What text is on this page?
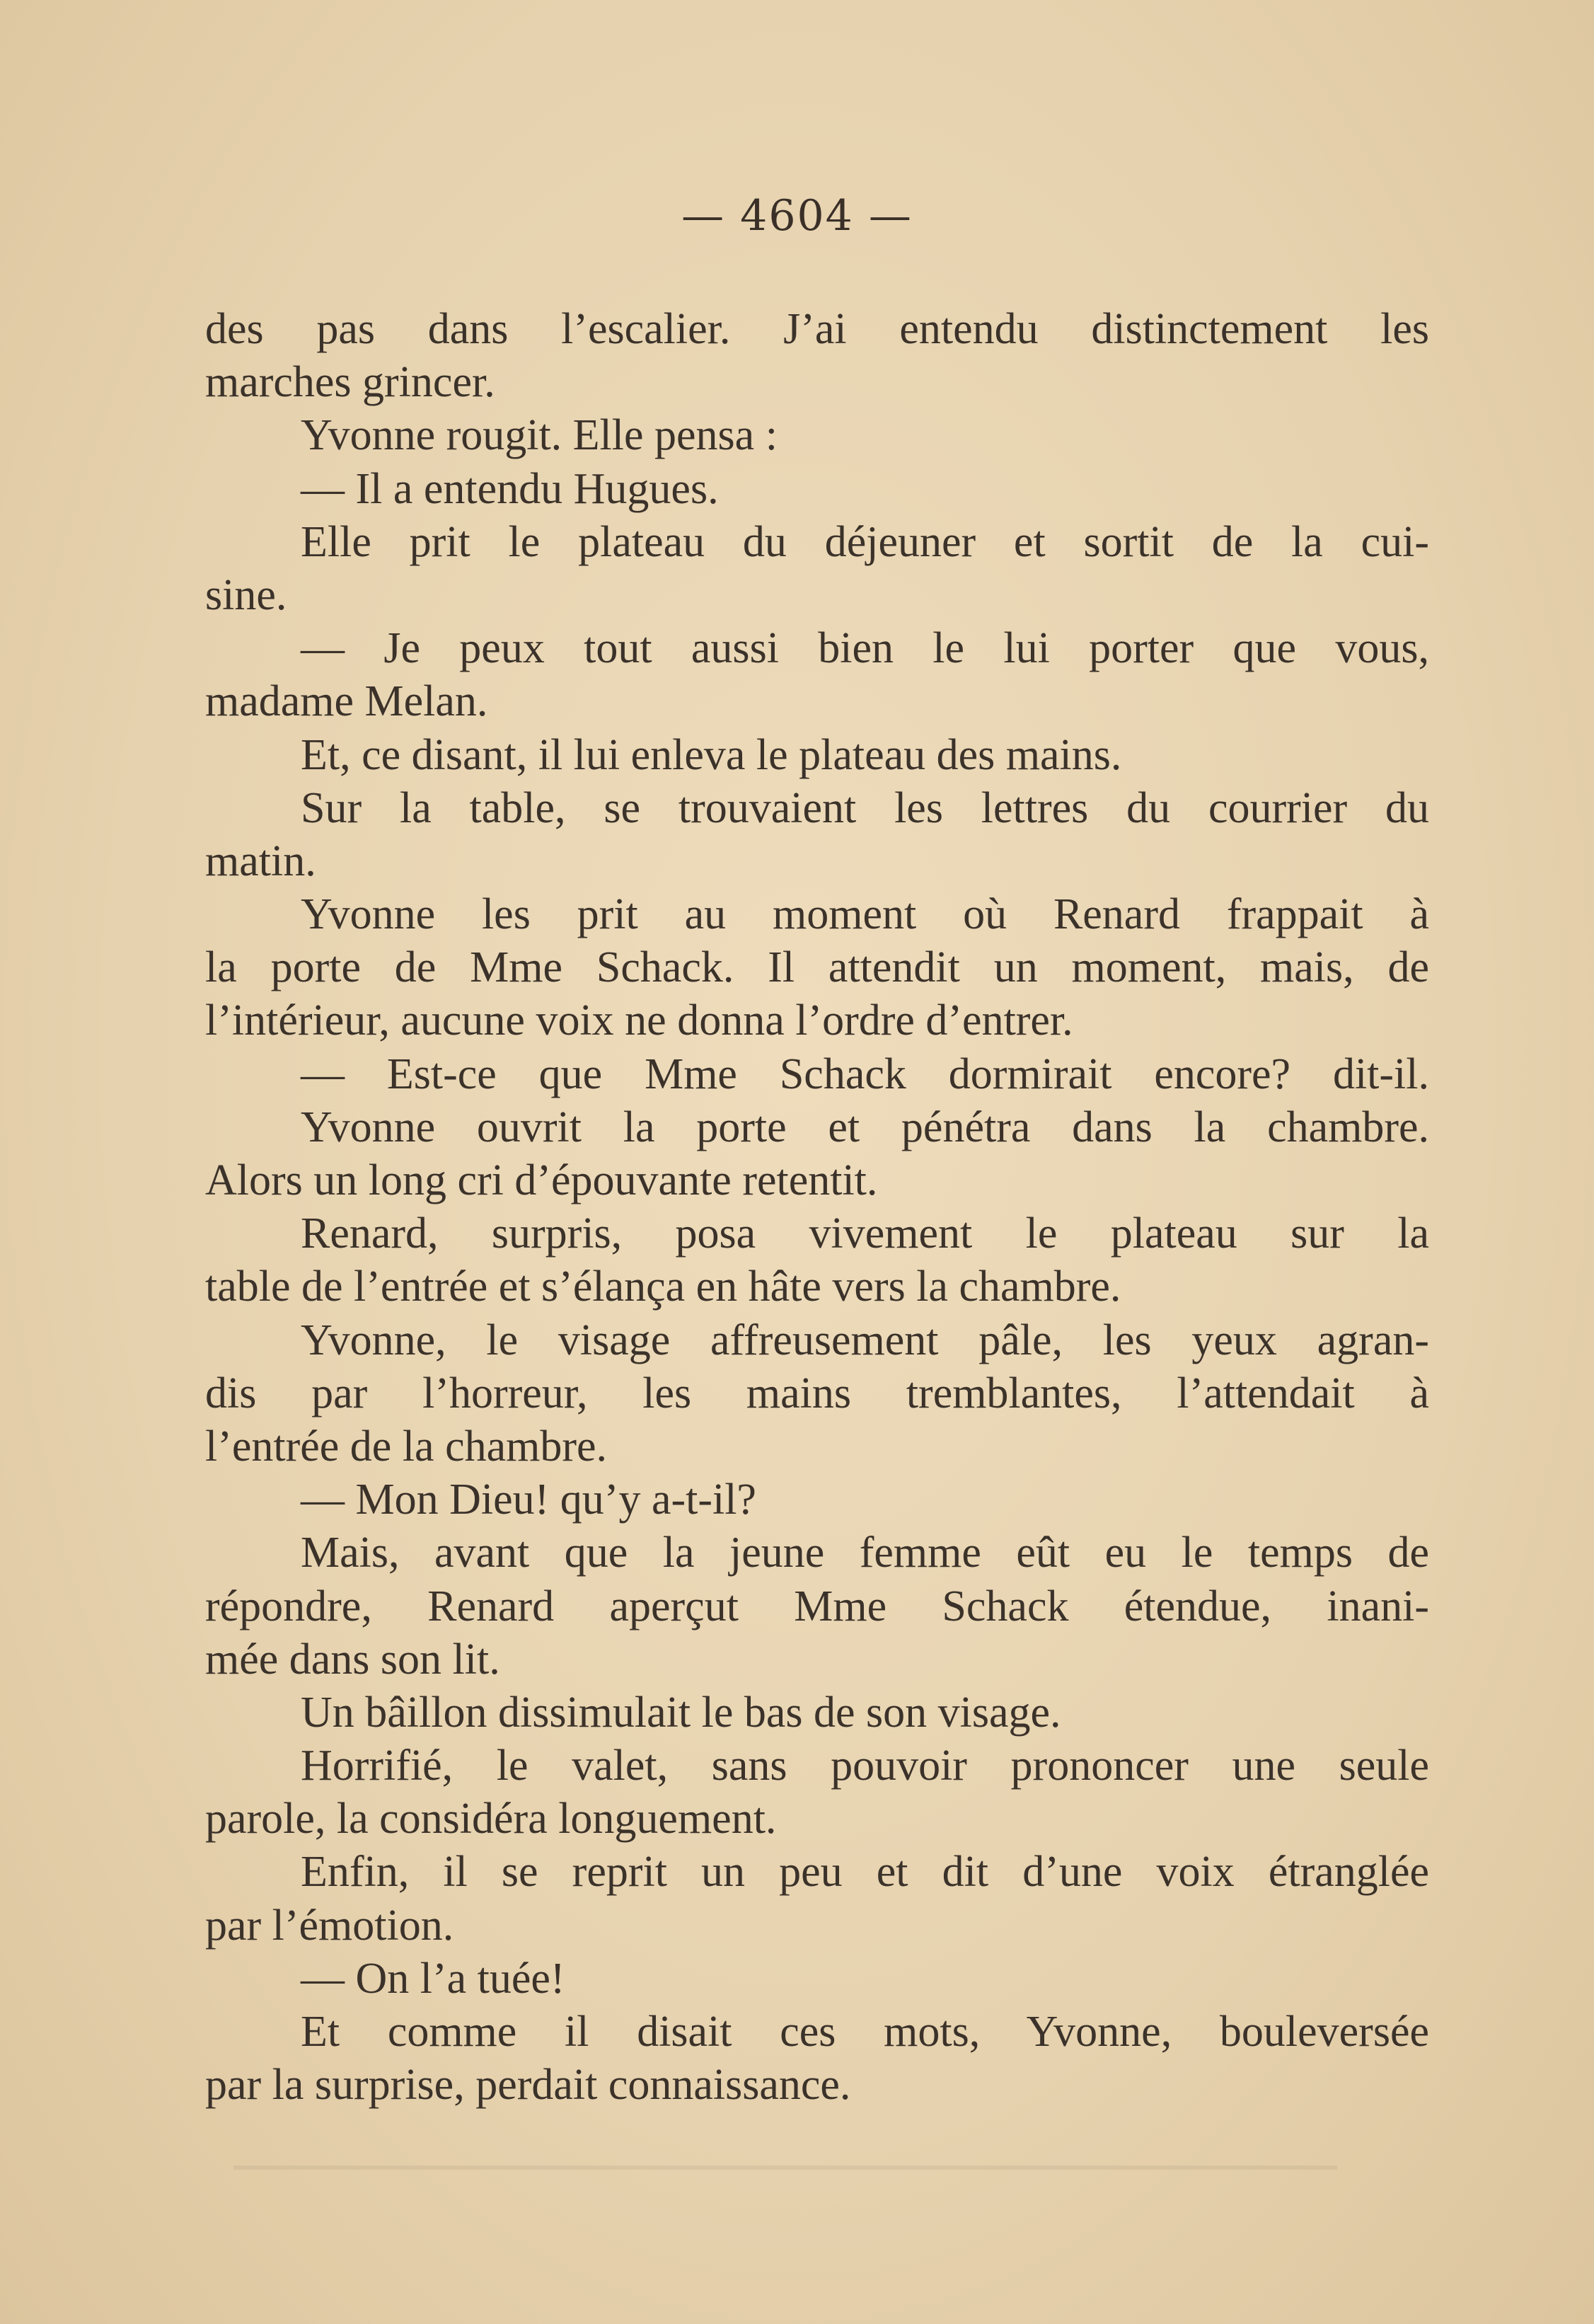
— 4604 —
des pas dans l’escalier. J’ai entendu distinctement les
marches grincer.
Yvonne rougit. Elle pensa :
— Il a entendu Hugues.
Elle prit le plateau du déjeuner et sortit de la cui-
sine.
— Je peux tout aussi bien le lui porter que vous,
madame Melan.
Et, ce disant, il lui enleva le plateau des mains.
Sur la table, se trouvaient les lettres du courrier du
matin.
Yvonne les prit au moment où Renard frappait à
la porte de Mme Schack. Il attendit un moment, mais, de
l’intérieur, aucune voix ne donna l’ordre d’entrer.
— Est-ce que Mme Schack dormirait encore? dit-il.
Yvonne ouvrit la porte et pénétra dans la chambre.
Alors un long cri d’épouvante retentit.
Renard, surpris, posa vivement le plateau sur la
table de l’entrée et s’élança en hâte vers la chambre.
Yvonne, le visage affreusement pâle, les yeux agran-
dis par l’horreur, les mains tremblantes, l’attendait à
l’entrée de la chambre.
— Mon Dieu! qu’y a-t-il?
Mais, avant que la jeune femme eût eu le temps de
répondre, Renard aperçut Mme Schack étendue, inani-
mée dans son lit.
Un bâillon dissimulait le bas de son visage.
Horrifié, le valet, sans pouvoir prononcer une seule
parole, la considéra longuement.
Enfin, il se reprit un peu et dit d’une voix étranglée
par l’émotion.
— On l’a tuée!
Et comme il disait ces mots, Yvonne, bouleversée
par la surprise, perdait connaissance.
